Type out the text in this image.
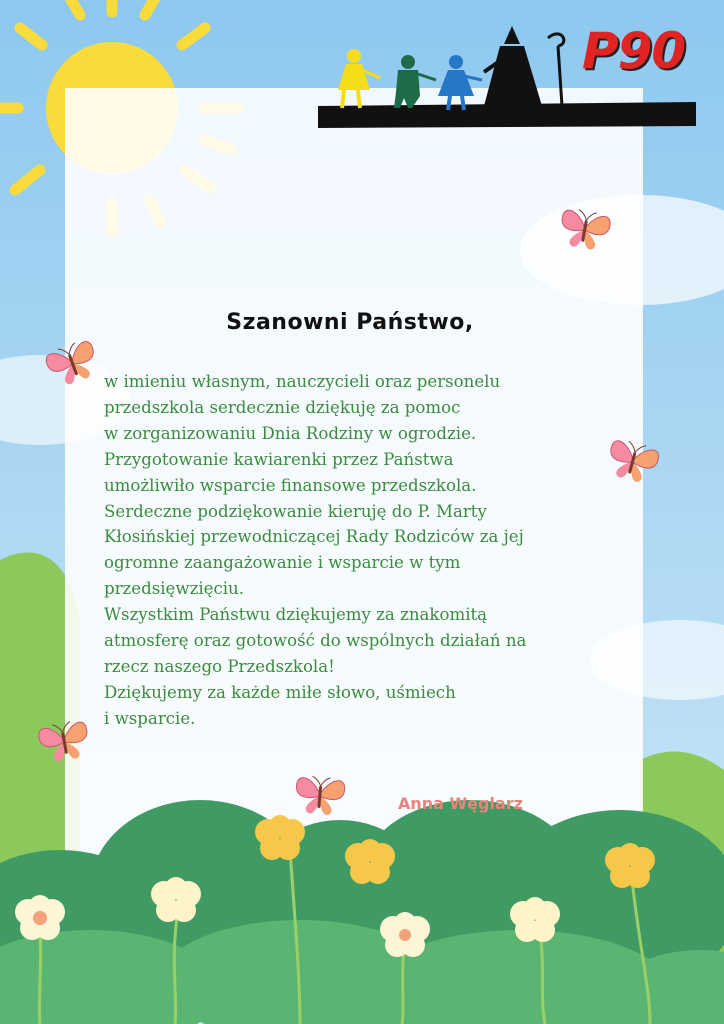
P90

Szanowni Państwo,

w imieniu własnym, nauczycieli oraz personelu
przedszkola serdecznie dziękuję za pomoc
w zorganizowaniu Dnia Rodziny w ogrodzie.
Przygotowanie kawiarenki przez Państwa
umożliwiło wsparcie finansowe przedszkola.
Serdeczne podziękowanie kieruję do P. Marty
Kłosińskiej przewodniczącej Rady Rodziców za jej
ogromne zaangażowanie i wsparcie w tym
przedsięwzięciu.
Wszystkim Państwu dziękujemy za znakomitą
atmosferę oraz gotowość do wspólnych działań na
rzecz naszego Przedszkola!
Dziękujemy za każde miłe słowo, uśmiech
i wsparcie.

Anna Węglarz
